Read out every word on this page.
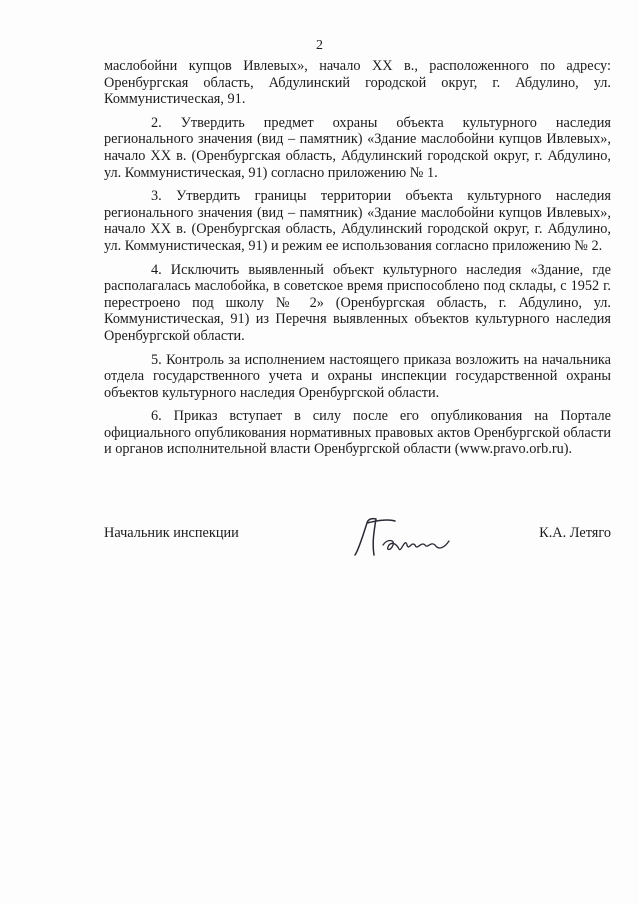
2

маслобойни купцов Ивлевых», начало XX в., расположенного по адресу: Оренбургская область, Абдулинский городской округ, г. Абдулино, ул. Коммунистическая, 91.

2. Утвердить предмет охраны объекта культурного наследия регионального значения (вид – памятник) «Здание маслобойни купцов Ивлевых», начало XX в. (Оренбургская область, Абдулинский городской округ, г. Абдулино, ул. Коммунистическая, 91) согласно приложению № 1.

3. Утвердить границы территории объекта культурного наследия регионального значения (вид – памятник) «Здание маслобойни купцов Ивлевых», начало XX в. (Оренбургская область, Абдулинский городской округ, г. Абдулино, ул. Коммунистическая, 91) и режим ее использования согласно приложению № 2.

4. Исключить выявленный объект культурного наследия «Здание, где располагалась маслобойка, в советское время приспособлено под склады, с 1952 г. перестроено под школу № 2» (Оренбургская область, г. Абдулино, ул. Коммунистическая, 91) из Перечня выявленных объектов культурного наследия Оренбургской области.

5. Контроль за исполнением настоящего приказа возложить на начальника отдела государственного учета и охраны инспекции государственной охраны объектов культурного наследия Оренбургской области.

6. Приказ вступает в силу после его опубликования на Портале официального опубликования нормативных правовых актов Оренбургской области и органов исполнительной власти Оренбургской области (www.pravo.orb.ru).

Начальник инспекции	К.А. Летяго
